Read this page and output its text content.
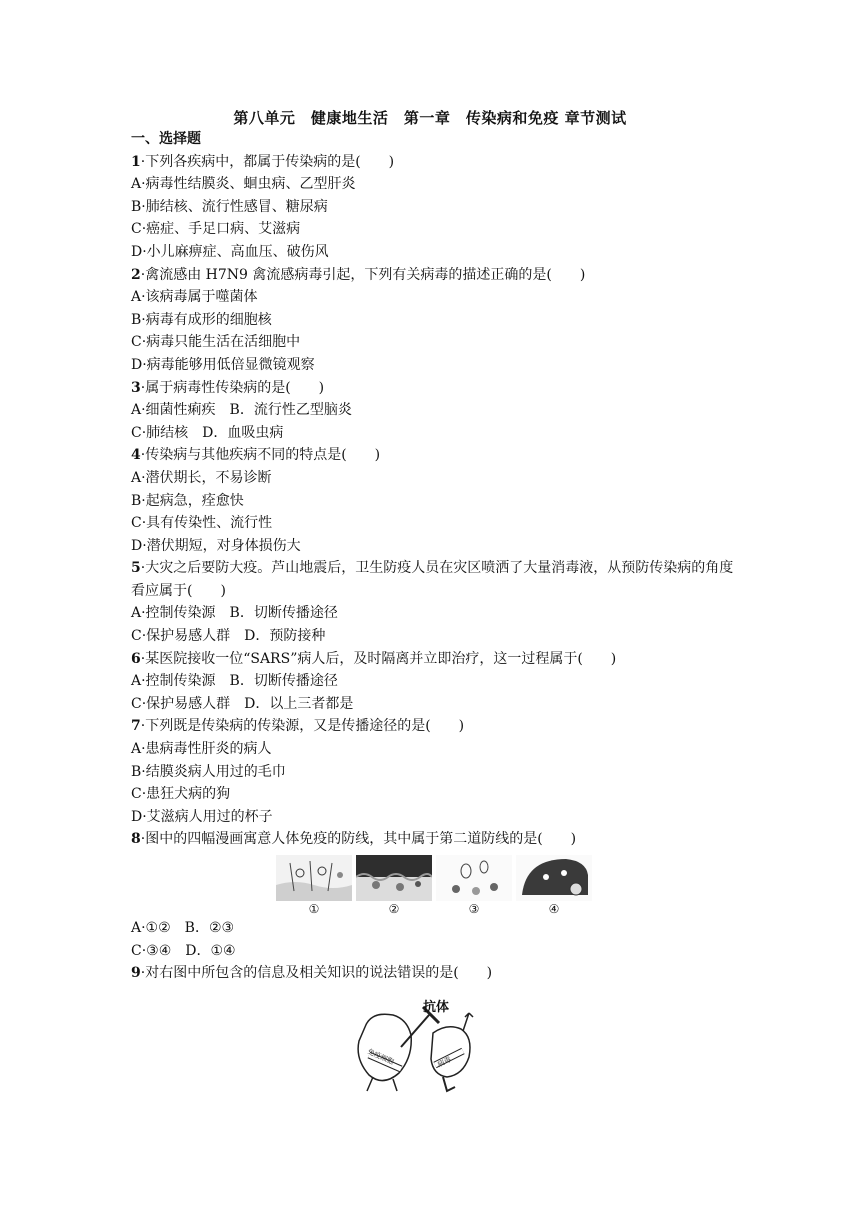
第八单元　健康地生活　第一章　传染病和免疫 章节测试
一、选择题
1·下列各疾病中，都属于传染病的是(　　)
A·病毒性结膜炎、蛔虫病、乙型肝炎
B·肺结核、流行性感冒、糖尿病
C·癌症、手足口病、艾滋病
D·小儿麻痹症、高血压、破伤风
2·禽流感由 H7N9 禽流感病毒引起，下列有关病毒的描述正确的是(　　)
A·该病毒属于噬菌体
B·病毒有成形的细胞核
C·病毒只能生活在活细胞中
D·病毒能够用低倍显微镜观察
3·属于病毒性传染病的是(　　)
A·细菌性痢疾　B．流行性乙型脑炎
C·肺结核　D．血吸虫病
4·传染病与其他疾病不同的特点是(　　)
A·潜伏期长，不易诊断
B·起病急，痊愈快
C·具有传染性、流行性
D·潜伏期短，对身体损伤大
5·大灾之后要防大疫。芦山地震后，卫生防疫人员在灾区喷洒了大量消毒液，从预防传染病的角度看应属于(　　)
A·控制传染源　B．切断传播途径
C·保护易感人群　D．预防接种
6·某医院接收一位“SARS”病人后，及时隔离并立即治疗，这一过程属于(　　)
A·控制传染源　B．切断传播途径
C·保护易感人群　D．以上三者都是
7·下列既是传染病的传染源，又是传播途径的是(　　)
A·患病毒性肝炎的病人
B·结膜炎病人用过的毛巾
C·患狂犬病的狗
D·艾滋病人用过的杯子
8·图中的四幅漫画寓意人体免疫的防线，其中属于第二道防线的是(　　)
①	②	③	④
A·①②　B．②③
C·③④　D．①④
9·对右图中所包含的信息及相关知识的说法错误的是(　　)
免疫细胞	病毒
抗体
